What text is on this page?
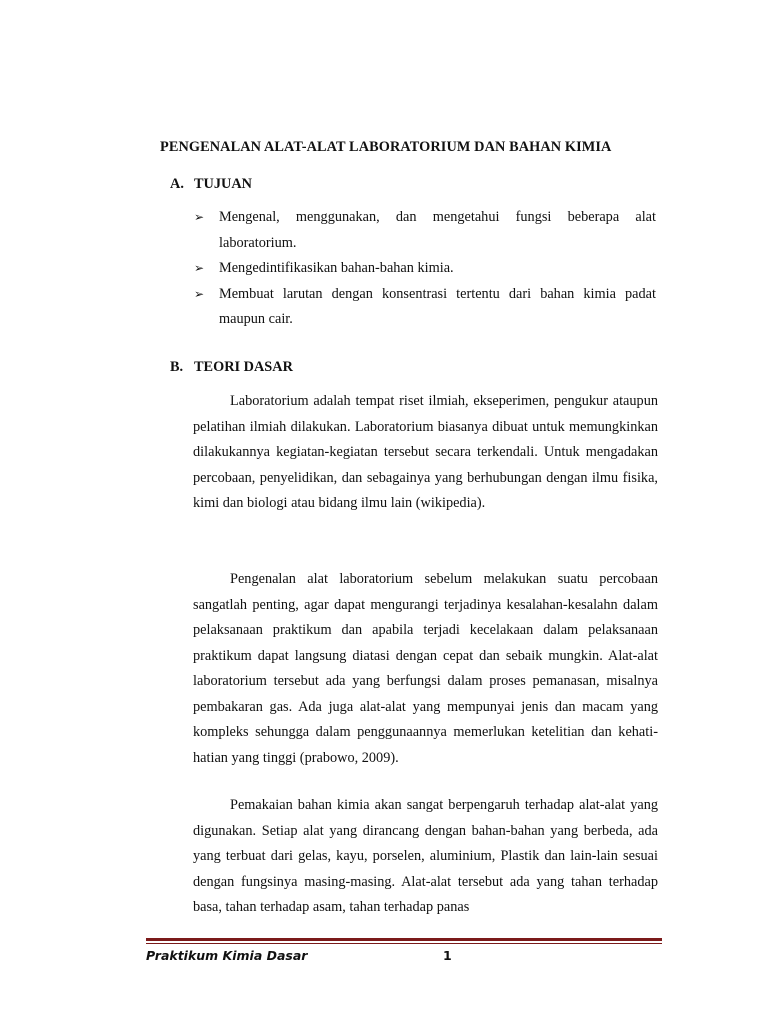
PENGENALAN ALAT-ALAT LABORATORIUM DAN BAHAN KIMIA
A. TUJUAN
➢ Mengenal, menggunakan, dan mengetahui fungsi beberapa alat laboratorium.
➢ Mengedintifikasikan bahan-bahan kimia.
➢ Membuat larutan dengan konsentrasi tertentu dari bahan kimia padat maupun cair.
B. TEORI DASAR

Laboratorium adalah tempat riset ilmiah, ekseperimen, pengukur ataupun pelatihan ilmiah dilakukan. Laboratorium biasanya dibuat untuk memungkinkan dilakukannya kegiatan-kegiatan tersebut secara terkendali. Untuk mengadakan percobaan, penyelidikan, dan sebagainya yang berhubungan dengan ilmu fisika, kimi dan biologi atau bidang ilmu lain (wikipedia).

Pengenalan alat laboratorium sebelum melakukan suatu percobaan sangatlah penting, agar dapat mengurangi terjadinya kesalahan-kesalahn dalam pelaksanaan praktikum dan apabila terjadi kecelakaan dalam pelaksanaan praktikum dapat langsung diatasi dengan cepat dan sebaik mungkin. Alat-alat laboratorium tersebut ada yang berfungsi dalam proses pemanasan, misalnya pembakaran gas. Ada juga alat-alat yang mempunyai jenis dan macam yang kompleks sehungga dalam penggunaannya memerlukan ketelitian dan kehati-hatian yang tinggi (prabowo, 2009).

Pemakaian bahan kimia akan sangat berpengaruh terhadap alat-alat yang digunakan. Setiap alat yang dirancang dengan bahan-bahan yang berbeda, ada yang terbuat dari gelas, kayu, porselen, aluminium, Plastik dan lain-lain sesuai dengan fungsinya masing-masing. Alat-alat tersebut ada yang tahan terhadap basa, tahan terhadap asam, tahan terhadap panas

Praktikum Kimia Dasar	1
